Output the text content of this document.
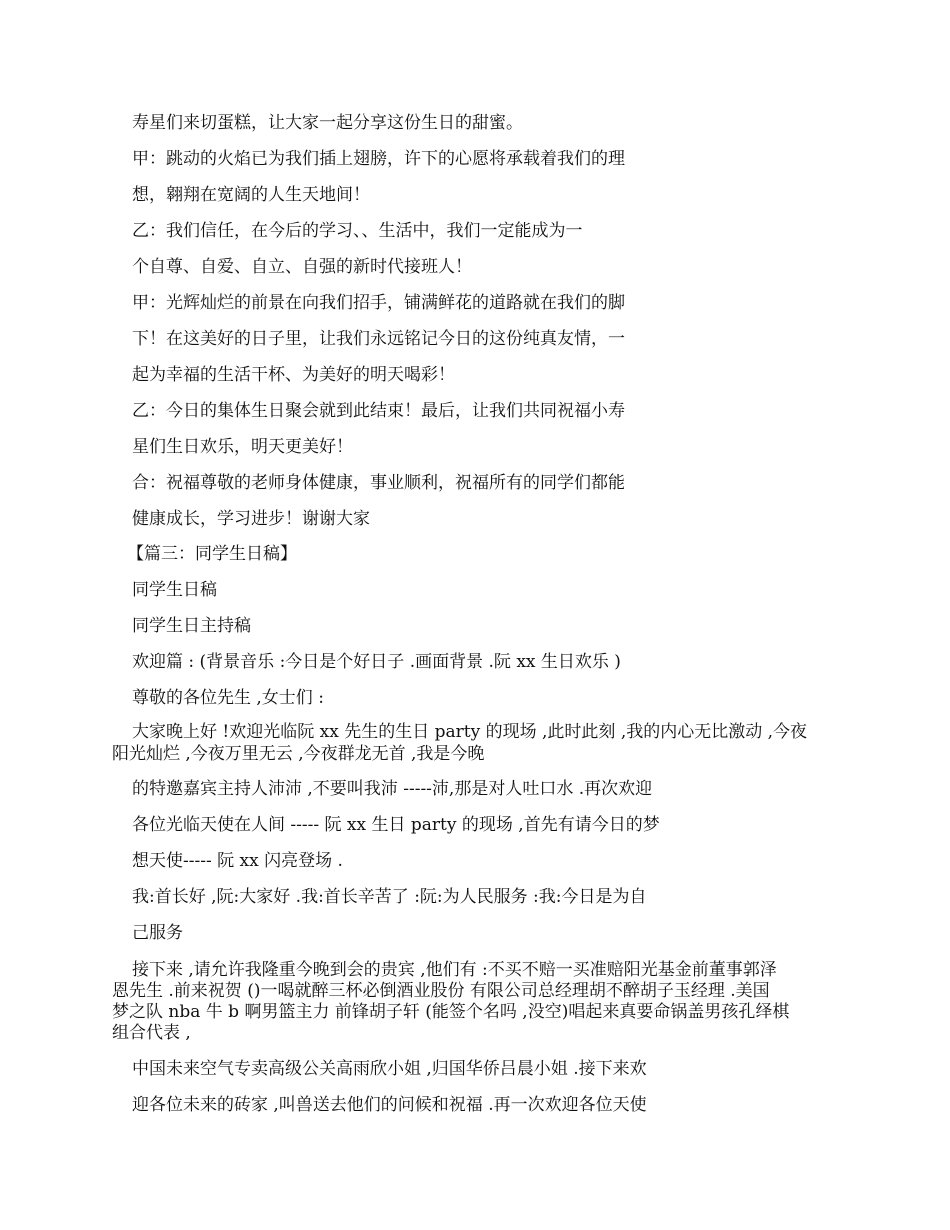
寿星们来切蛋糕，让大家一起分享这份生日的甜蜜。
甲：跳动的火焰已为我们插上翅膀，许下的心愿将承载着我们的理
想，翱翔在宽阔的人生天地间！
乙：我们信任，在今后的学习、、生活中，我们一定能成为一
个自尊、自爱、自立、自强的新时代接班人！
甲：光辉灿烂的前景在向我们招手，铺满鲜花的道路就在我们的脚
下！在这美好的日子里，让我们永远铭记今日的这份纯真友情，一
起为幸福的生活干杯、为美好的明天喝彩！
乙：今日的集体生日聚会就到此结束！最后，让我们共同祝福小寿
星们生日欢乐，明天更美好！
合：祝福尊敬的老师身体健康，事业顺利，祝福所有的同学们都能
健康成长，学习进步！谢谢大家
【篇三：同学生日稿】
同学生日稿
同学生日主持稿
欢迎篇 : (背景音乐 :今日是个好日子 .画面背景 .阮 xx 生日欢乐 )
尊敬的各位先生 ,女士们 :
大家晚上好 !欢迎光临阮 xx 先生的生日 party 的现场 ,此时此刻 ,我的内心无比激动 ,今夜
阳光灿烂 ,今夜万里无云 ,今夜群龙无首 ,我是今晚
的特邀嘉宾主持人沛沛 ,不要叫我沛 -----沛,那是对人吐口水 .再次欢迎
各位光临天使在人间 ----- 阮 xx 生日 party 的现场 ,首先有请今日的梦
想天使----- 阮 xx 闪亮登场 .
我:首长好 ,阮:大家好 .我:首长辛苦了 :阮:为人民服务 :我:今日是为自
己服务
接下来 ,请允许我隆重今晚到会的贵宾 ,他们有 :不买不赔一买准赔阳光基金前董事郭泽
恩先生 .前来祝贺 ()一喝就醉三杯必倒酒业股份 有限公司总经理胡不醉胡子玉经理 .美国
梦之队 nba 牛 b 啊男篮主力 前锋胡子轩 (能签个名吗 ,没空)唱起来真要命锅盖男孩孔绎棋
组合代表 ,
中国未来空气专卖高级公关高雨欣小姐 ,归国华侨吕晨小姐 .接下来欢
迎各位未来的砖家 ,叫兽送去他们的问候和祝福 .再一次欢迎各位天使
